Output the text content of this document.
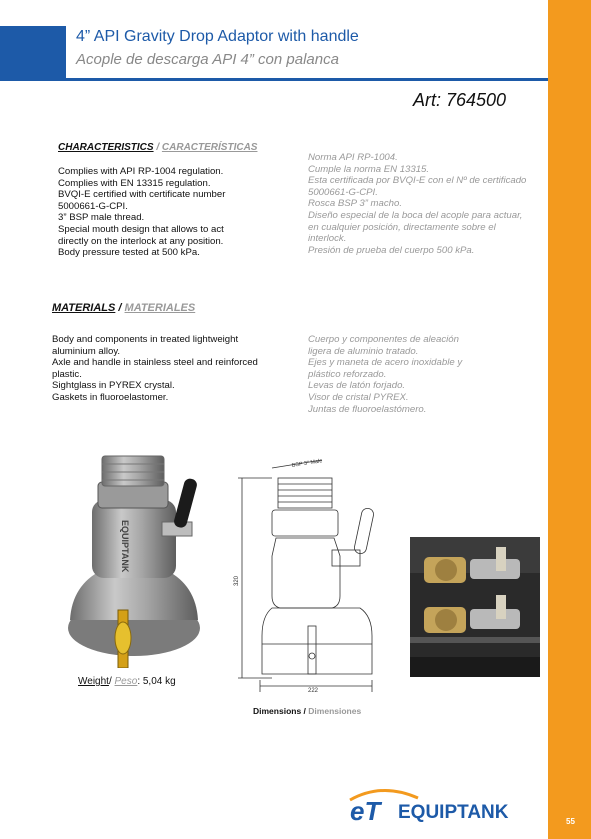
4” API Gravity Drop Adaptor with handle
Acople de descarga API 4” con palanca
Art: 764500
CHARACTERISTICS / CARACTERÍSTICAS
Complies with API RP-1004 regulation.
Complies with EN 13315 regulation.
BVQI-E certified with certificate number
5000661-G-CPI.
3” BSP male thread.
Special mouth design that allows to act
directly on the interlock at any position.
Body pressure tested at 500 kPa.
Norma API RP-1004.
Cumple la norma EN 13315.
Esta certificada por BVQI-E con el Nº de certificado
5000661-G-CPI.
Rosca BSP 3” macho.
Diseño especial de la boca del acople para actuar,
en cualquier posición, directamente sobre el
interlock.
Presión de prueba del cuerpo 500 kPa.
MATERIALS / MATERIALES
Body and components in treated lightweight
aluminium alloy.
Axle and handle in stainless steel and reinforced
plastic.
Sightglass in PYREX crystal.
Gaskets in fluoroelastomer.
Cuerpo y componentes de aleación
ligera de aluminio tratado.
Ejes y maneta de acero inoxidable y
plástico reforzado.
Levas de latón forjado.
Visor de cristal PYREX.
Juntas de fluoroelastómero.
EQUIPTANK
Weight/ Peso: 5,04 kg
BSP 3" Male
320
222
Dimensions / Dimensiones
eT EQUIPTANK	55
